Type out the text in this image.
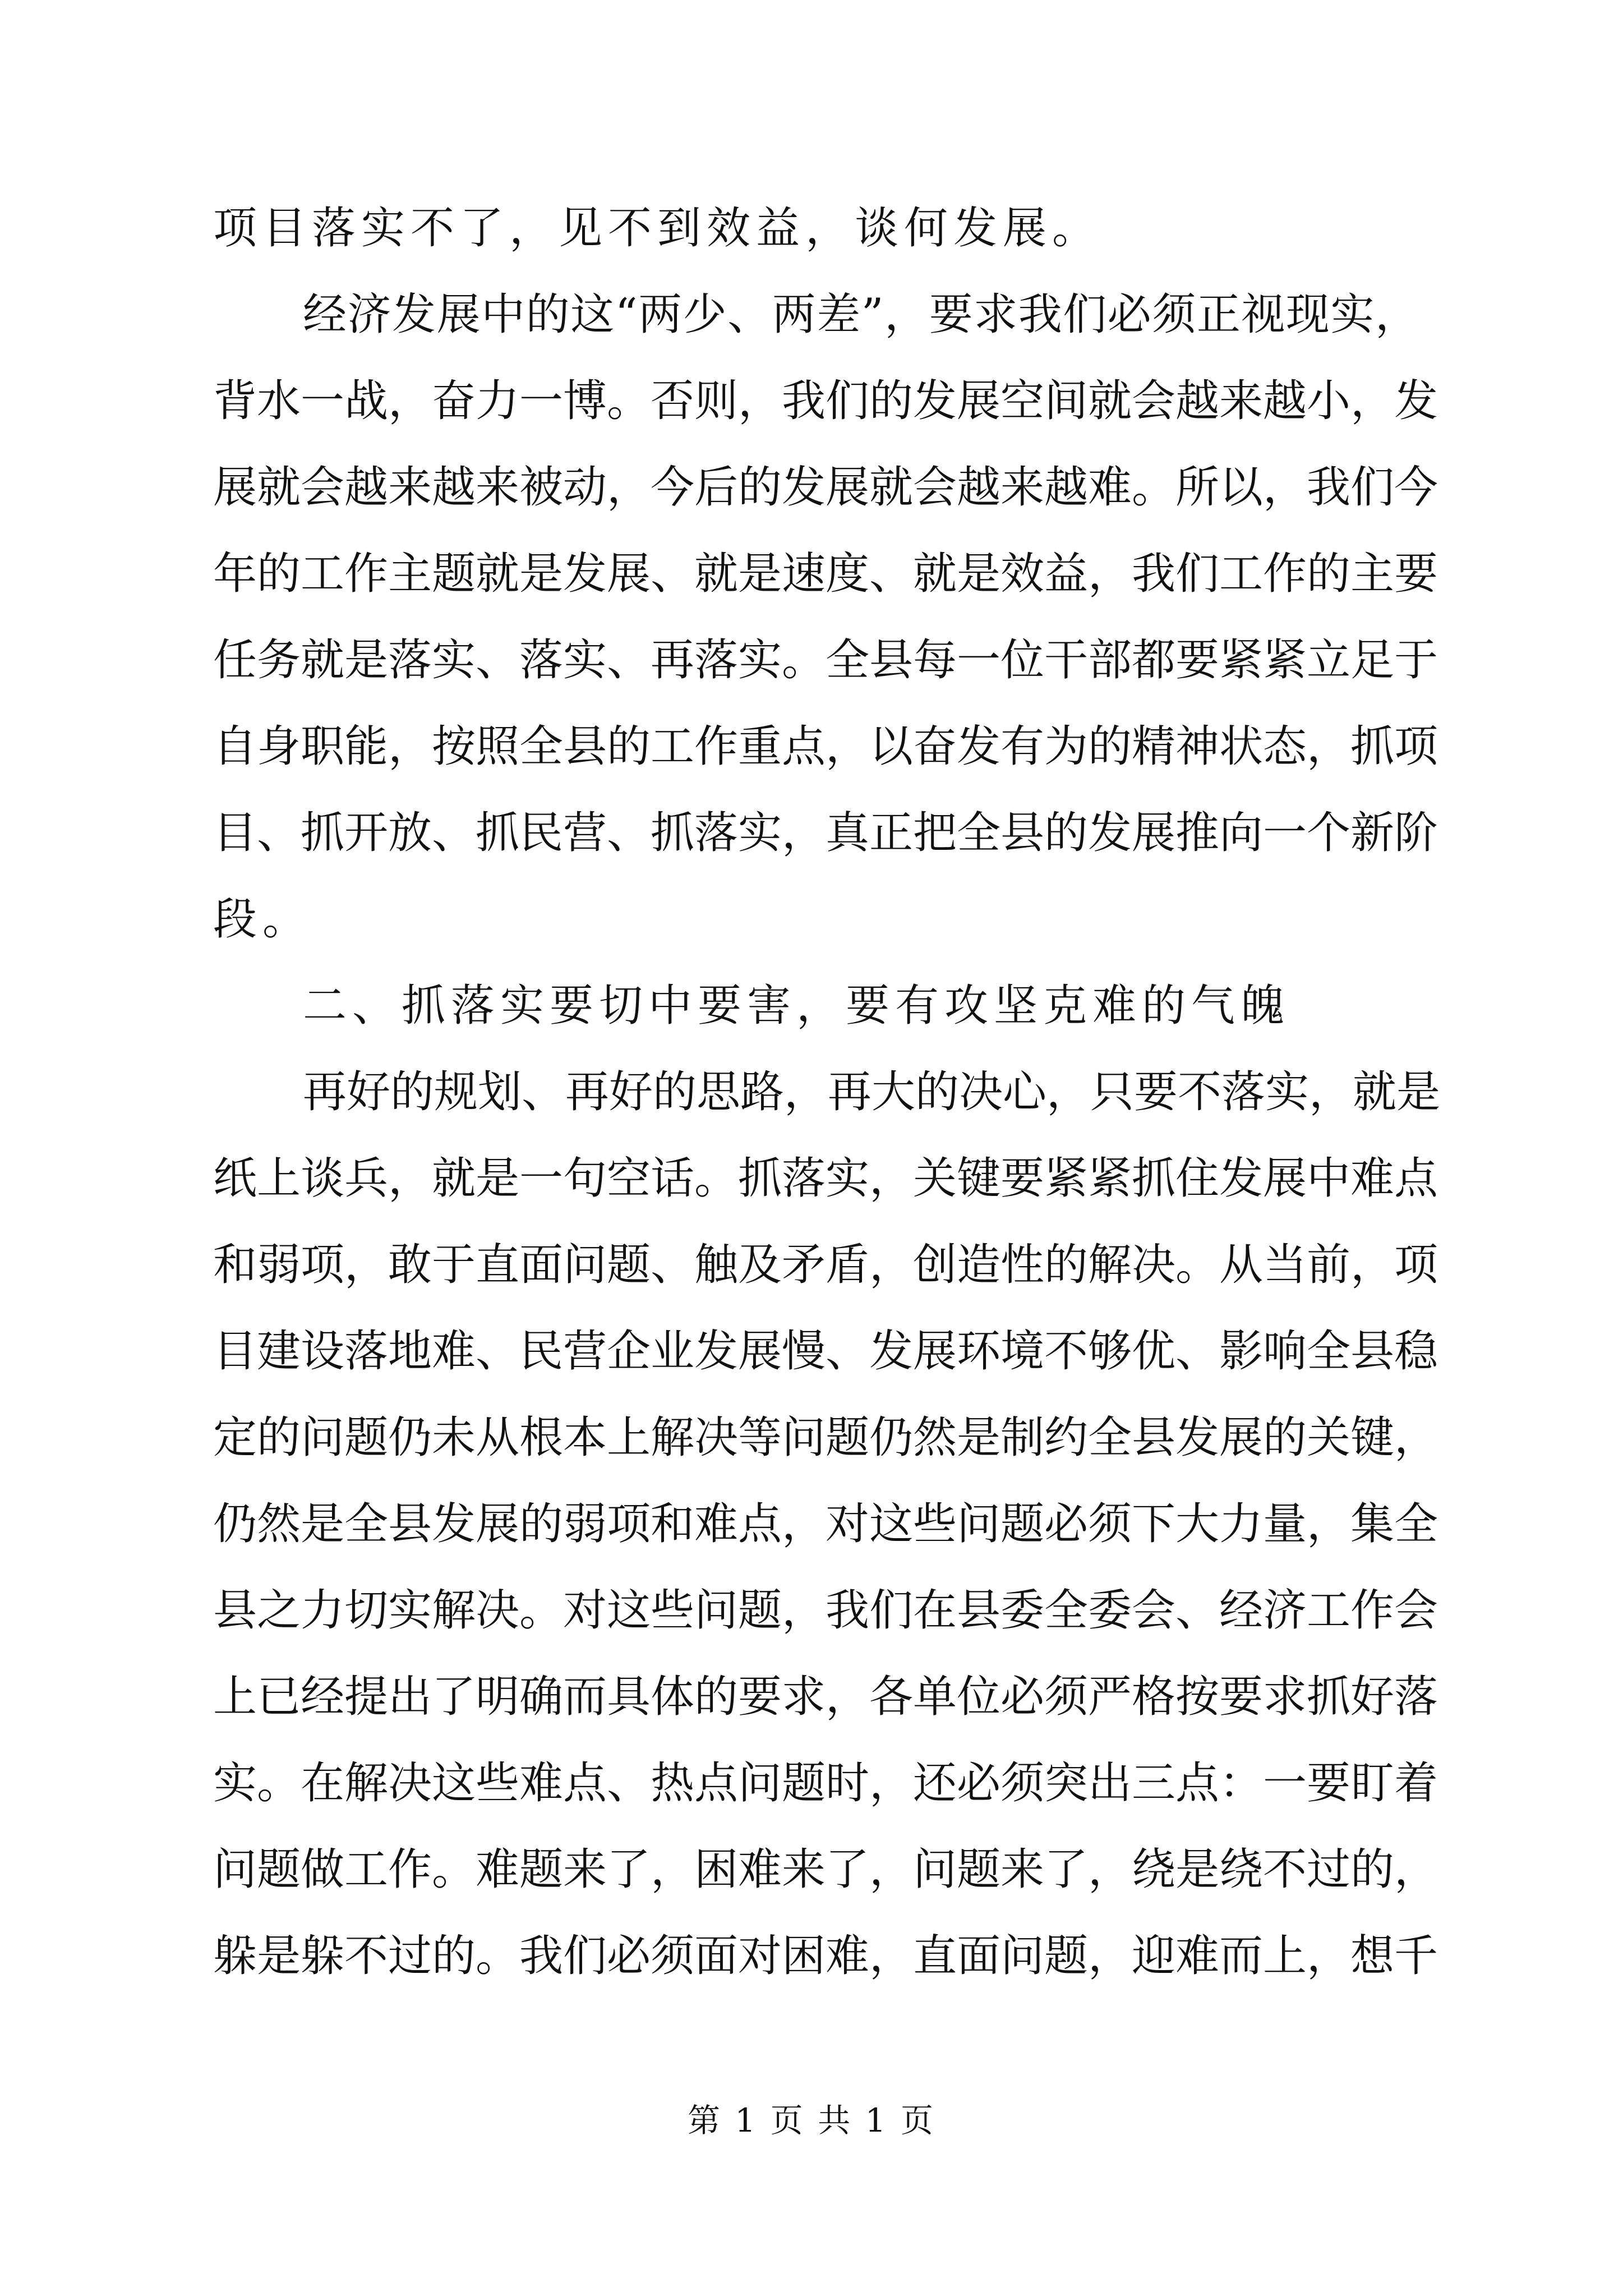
项目落实不了，见不到效益，谈何发展。
经济发展中的这“两少、两差”，要求我们必须正视现实，
背水一战，奋力一博。否则，我们的发展空间就会越来越小，发
展就会越来越来被动，今后的发展就会越来越难。所以，我们今
年的工作主题就是发展、就是速度、就是效益，我们工作的主要
任务就是落实、落实、再落实。全县每一位干部都要紧紧立足于
自身职能，按照全县的工作重点，以奋发有为的精神状态，抓项
目、抓开放、抓民营、抓落实，真正把全县的发展推向一个新阶
段。
二、抓落实要切中要害，要有攻坚克难的气魄
再好的规划、再好的思路，再大的决心，只要不落实，就是
纸上谈兵，就是一句空话。抓落实，关键要紧紧抓住发展中难点
和弱项，敢于直面问题、触及矛盾，创造性的解决。从当前，项
目建设落地难、民营企业发展慢、发展环境不够优、影响全县稳
定的问题仍未从根本上解决等问题仍然是制约全县发展的关键，
仍然是全县发展的弱项和难点，对这些问题必须下大力量，集全
县之力切实解决。对这些问题，我们在县委全委会、经济工作会
上已经提出了明确而具体的要求，各单位必须严格按要求抓好落
实。在解决这些难点、热点问题时，还必须突出三点：一要盯着
问题做工作。难题来了，困难来了，问题来了，绕是绕不过的，
躲是躲不过的。我们必须面对困难，直面问题，迎难而上，想千
第 1 页 共 1 页
